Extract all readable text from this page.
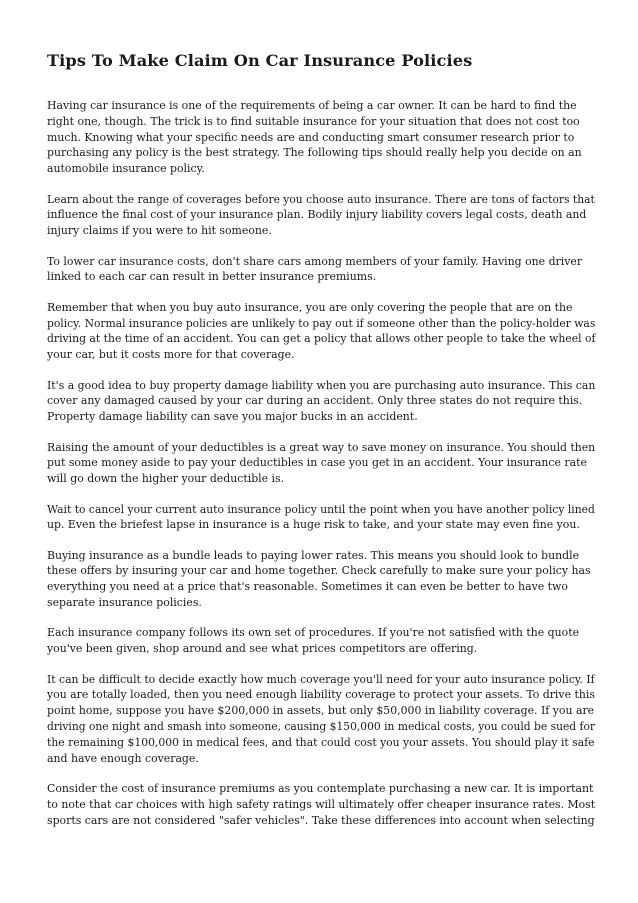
Tips To Make Claim On Car Insurance Policies
Having car insurance is one of the requirements of being a car owner. It can be hard to find the
right one, though. The trick is to find suitable insurance for your situation that does not cost too
much. Knowing what your specific needs are and conducting smart consumer research prior to
purchasing any policy is the best strategy. The following tips should really help you decide on an
automobile insurance policy.
Learn about the range of coverages before you choose auto insurance. There are tons of factors that
influence the final cost of your insurance plan. Bodily injury liability covers legal costs, death and
injury claims if you were to hit someone.
To lower car insurance costs, don't share cars among members of your family. Having one driver
linked to each car can result in better insurance premiums.
Remember that when you buy auto insurance, you are only covering the people that are on the
policy. Normal insurance policies are unlikely to pay out if someone other than the policy-holder was
driving at the time of an accident. You can get a policy that allows other people to take the wheel of
your car, but it costs more for that coverage.
It's a good idea to buy property damage liability when you are purchasing auto insurance. This can
cover any damaged caused by your car during an accident. Only three states do not require this.
Property damage liability can save you major bucks in an accident.
Raising the amount of your deductibles is a great way to save money on insurance. You should then
put some money aside to pay your deductibles in case you get in an accident. Your insurance rate
will go down the higher your deductible is.
Wait to cancel your current auto insurance policy until the point when you have another policy lined
up. Even the briefest lapse in insurance is a huge risk to take, and your state may even fine you.
Buying insurance as a bundle leads to paying lower rates. This means you should look to bundle
these offers by insuring your car and home together. Check carefully to make sure your policy has
everything you need at a price that's reasonable. Sometimes it can even be better to have two
separate insurance policies.
Each insurance company follows its own set of procedures. If you're not satisfied with the quote
you've been given, shop around and see what prices competitors are offering.
It can be difficult to decide exactly how much coverage you'll need for your auto insurance policy. If
you are totally loaded, then you need enough liability coverage to protect your assets. To drive this
point home, suppose you have $200,000 in assets, but only $50,000 in liability coverage. If you are
driving one night and smash into someone, causing $150,000 in medical costs, you could be sued for
the remaining $100,000 in medical fees, and that could cost you your assets. You should play it safe
and have enough coverage.
Consider the cost of insurance premiums as you contemplate purchasing a new car. It is important
to note that car choices with high safety ratings will ultimately offer cheaper insurance rates. Most
sports cars are not considered "safer vehicles". Take these differences into account when selecting
